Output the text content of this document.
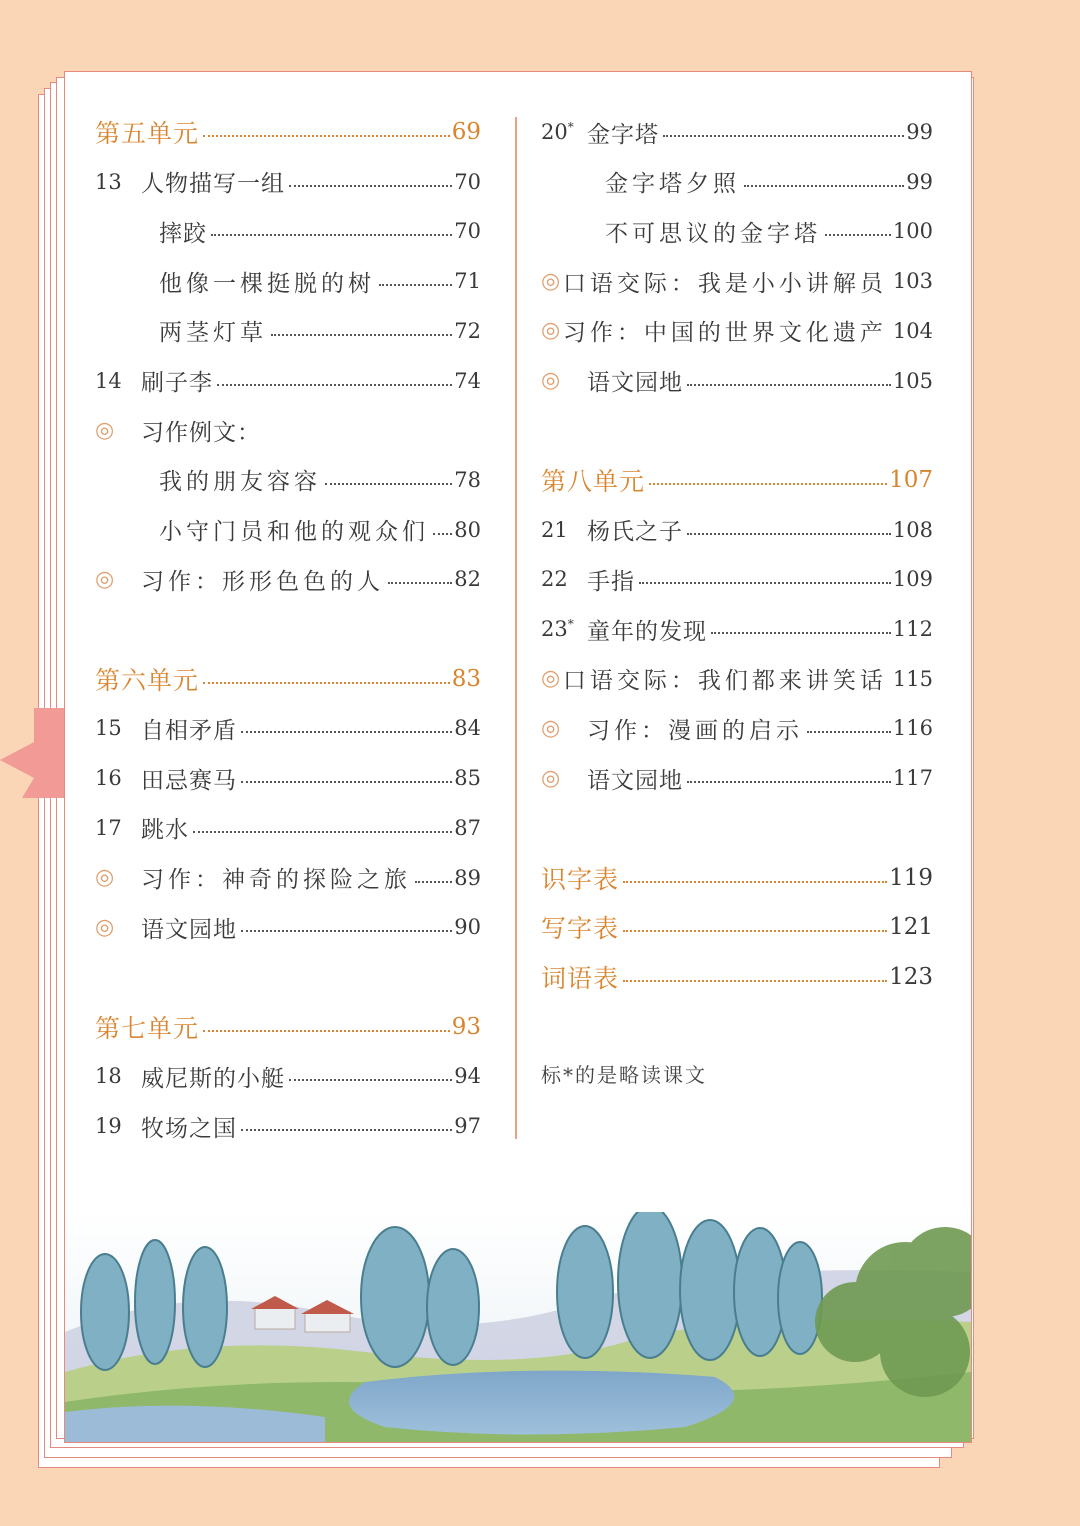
第五单元	69
13 人物描写一组	70
摔跤	70
他像一棵挺脱的树	71
两茎灯草	72
14 刷子李	74
◎	习作例文：
我的朋友容容	78
小守门员和他的观众们 80
◎	习作：形形色色的人	82
第六单元	83
15 自相矛盾	84
16 田忌赛马	85
17 跳水	87
◎	习作：神奇的探险之旅 89
◎	语文园地	90
第七单元	93
18 威尼斯的小艇	94
19 牧场之国	97
20* 金字塔	99
金字塔夕照	99
不可思议的金字塔	100
◎ 口语交际：我是小小讲解员 103
◎ 习作：中国的世界文化遗产 104
◎	语文园地	105
第八单元	107
21 杨氏之子	108
22 手指	109
23* 童年的发现	112
◎ 口语交际：我们都来讲笑话 115
◎	习作：漫画的启示	116
◎	语文园地	117
识字表	119
写字表	121
词语表	123
标*的是略读课文
